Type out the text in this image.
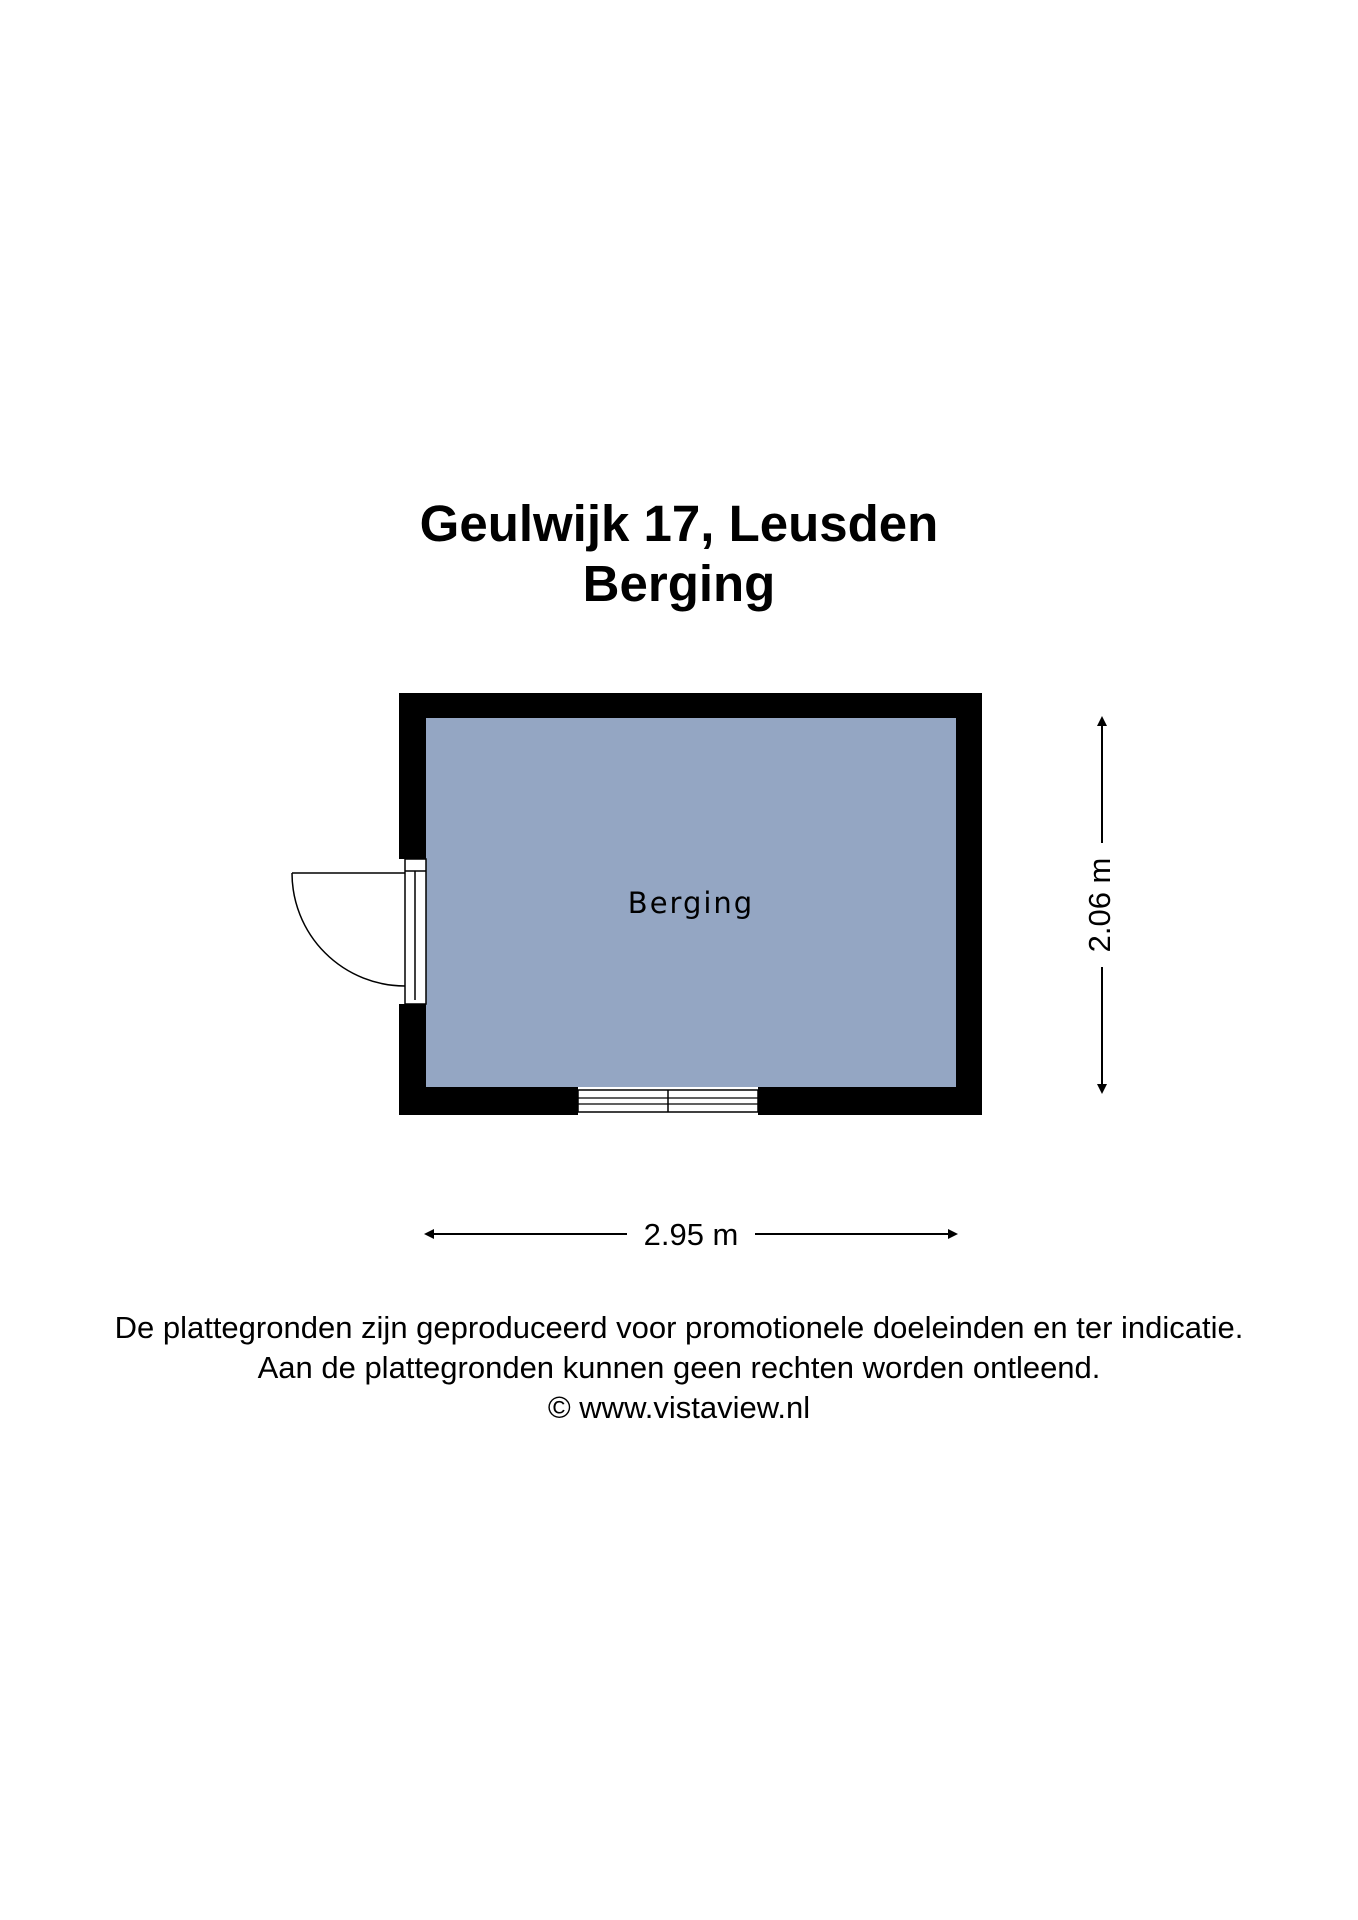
Geulwijk 17, Leusden
Berging
Berging
2.95 m
2.06 m
De plattegronden zijn geproduceerd voor promotionele doeleinden en ter indicatie.
Aan de plattegronden kunnen geen rechten worden ontleend.
© www.vistaview.nl
